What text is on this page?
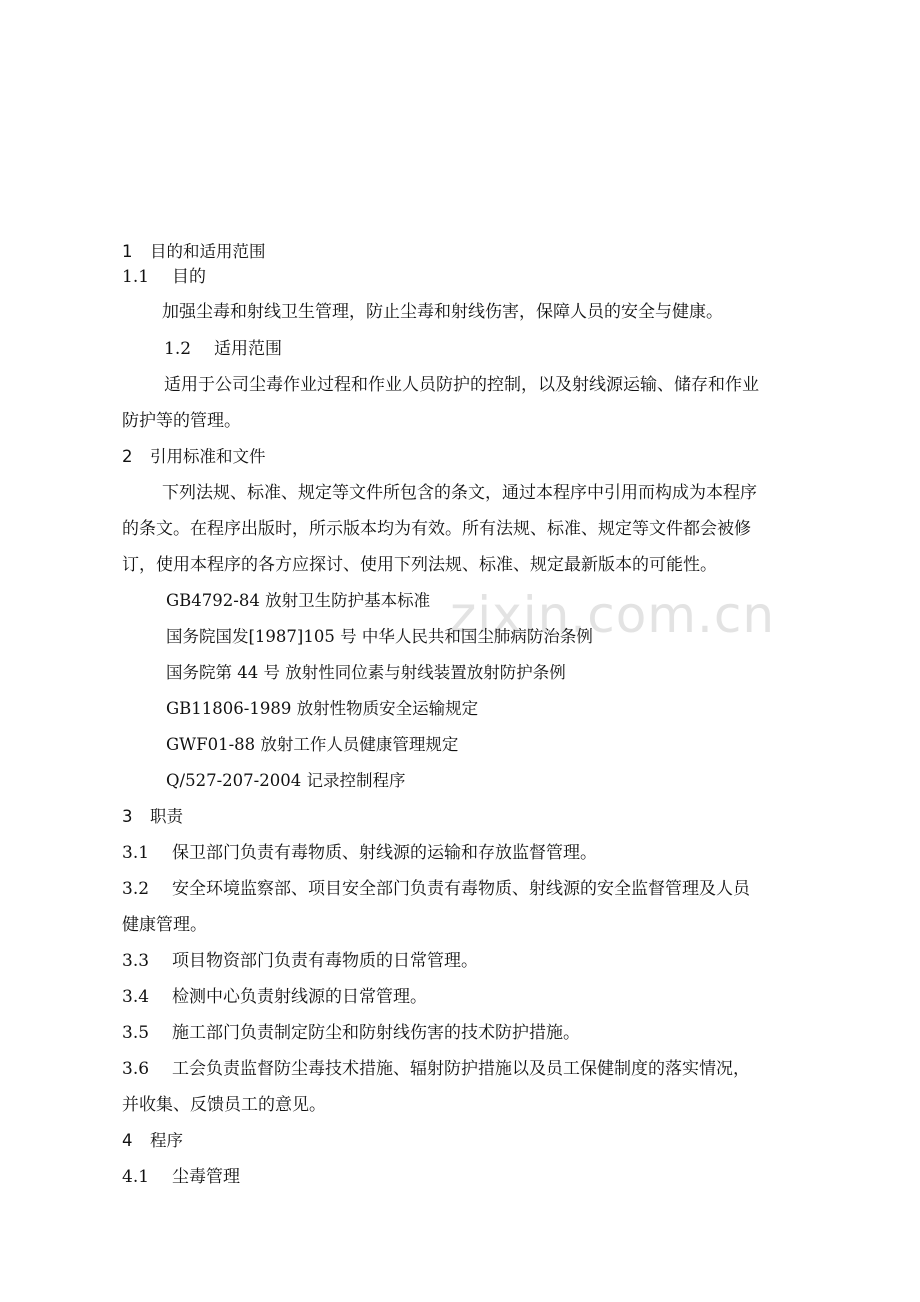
zixin.com.cn
1 目的和适用范围
1.1 目的
加强尘毒和射线卫生管理，防止尘毒和射线伤害，保障人员的安全与健康。
1.2 适用范围
适用于公司尘毒作业过程和作业人员防护的控制，以及射线源运输、储存和作业
防护等的管理。
2 引用标准和文件
下列法规、标准、规定等文件所包含的条文，通过本程序中引用而构成为本程序
的条文。在程序出版时，所示版本均为有效。所有法规、标准、规定等文件都会被修
订，使用本程序的各方应探讨、使用下列法规、标准、规定最新版本的可能性。
GB4792-84 放射卫生防护基本标准
国务院国发[1987]105 号 中华人民共和国尘肺病防治条例
国务院第 44 号 放射性同位素与射线装置放射防护条例
GB11806-1989 放射性物质安全运输规定
GWF01-88 放射工作人员健康管理规定
Q/527-207-2004 记录控制程序
3 职责
3.1 保卫部门负责有毒物质、射线源的运输和存放监督管理。
3.2 安全环境监察部、项目安全部门负责有毒物质、射线源的安全监督管理及人员
健康管理。
3.3 项目物资部门负责有毒物质的日常管理。
3.4 检测中心负责射线源的日常管理。
3.5 施工部门负责制定防尘和防射线伤害的技术防护措施。
3.6 工会负责监督防尘毒技术措施、辐射防护措施以及员工保健制度的落实情况，
并收集、反馈员工的意见。
4 程序
4.1 尘毒管理
